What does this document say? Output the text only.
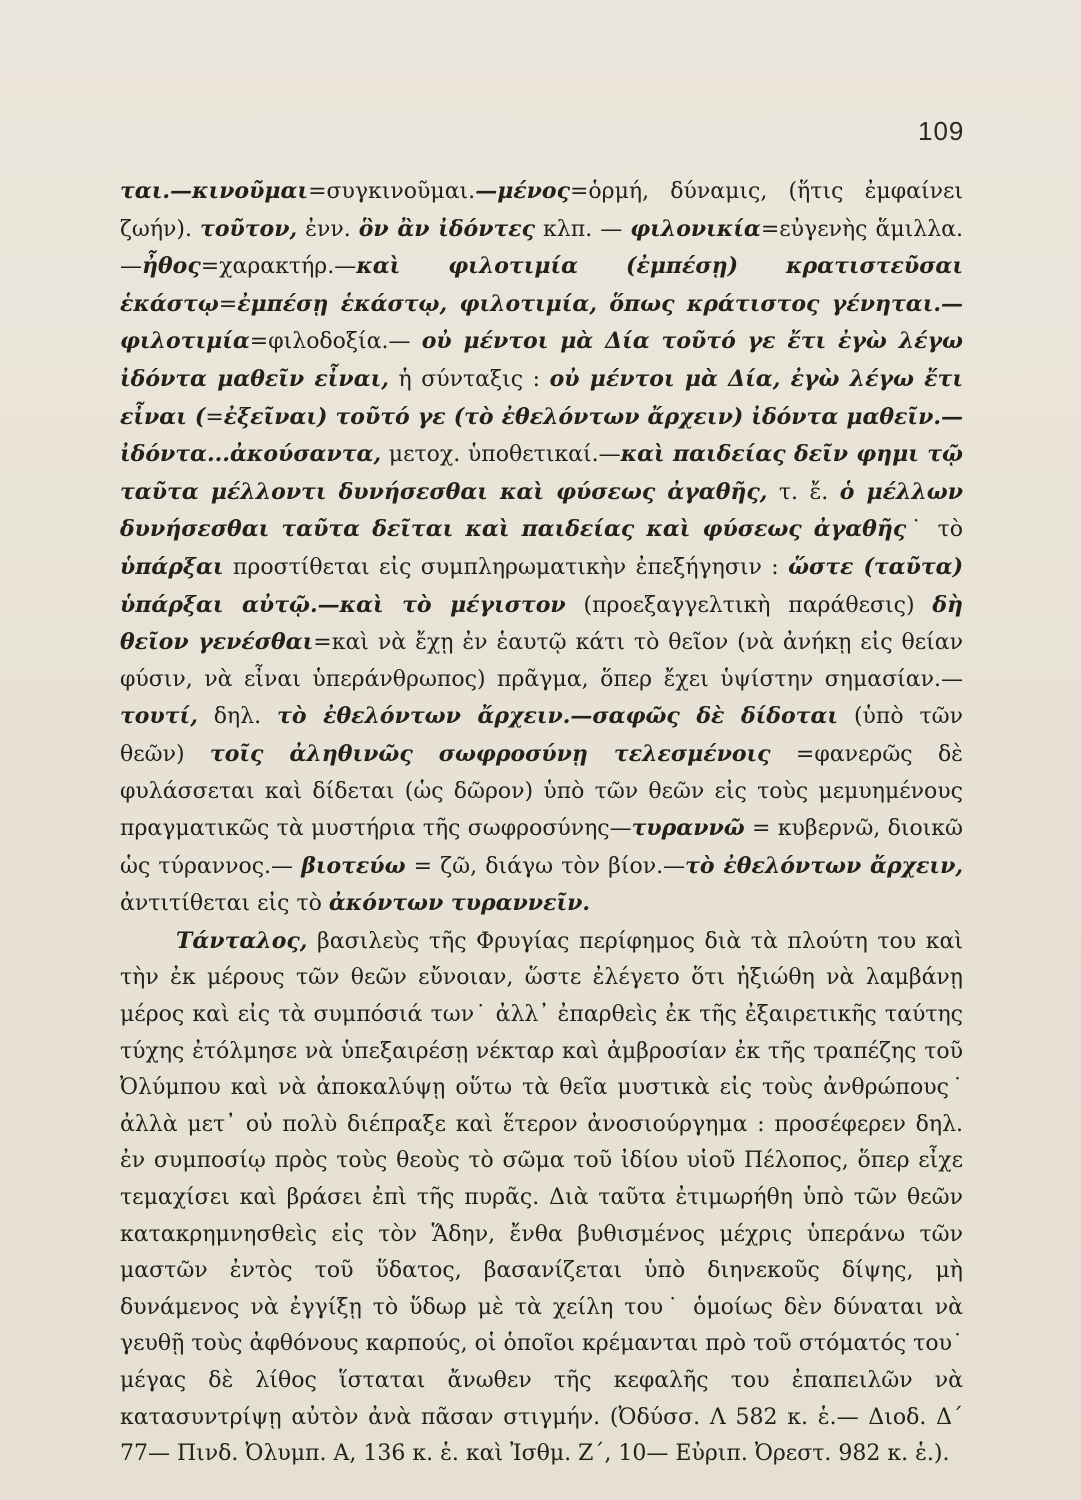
109

ται.—κινοῦμαι=συγκινοῦμαι.—μένος=ὁρμή, δύναμις, (ἥτις ἐμφαίνει ζωήν). τοῦτον, ἐνν. ὃν ἂν ἰδόντες κλπ. — φιλονικία=εὐγενὴς ἅμιλλα.—ἦθος=χαρακτήρ.—καὶ φιλοτιμία (ἐμπέσῃ) κρατιστεῦσαι ἑκάστῳ=ἐμπέσῃ ἑκάστῳ, φιλοτιμία, ὅπως κράτιστος γένηται.— φιλοτιμία=φιλοδοξία.— οὐ μέντοι μὰ Δία τοῦτό γε ἔτι ἐγὼ λέγω ἰδόντα μαθεῖν εἶναι, ἡ σύνταξις : οὐ μέντοι μὰ Δία, ἐγὼ λέγω ἔτι εἶναι (=ἐξεῖναι) τοῦτό γε (τὸ ἐθελόντων ἄρχειν) ἰδόντα μαθεῖν.—ἰδόντα...ἀκούσαντα, μετοχ. ὑποθετικαί.—καὶ παιδείας δεῖν φημι τῷ ταῦτα μέλλοντι δυνήσεσθαι καὶ φύσεως ἀγαθῆς, τ. ἔ. ὁ μέλλων δυνήσεσθαι ταῦτα δεῖται καὶ παιδείας καὶ φύσεως ἀγαθῆς˙ τὸ ὑπάρξαι προστίθεται εἰς συμπληρωματικὴν ἐπεξήγησιν : ὥστε (ταῦτα) ὑπάρξαι αὐτῷ.—καὶ τὸ μέγιστον (προεξαγγελτικὴ παράθεσις) δὴ θεῖον γενέσθαι=καὶ νὰ ἔχῃ ἐν ἑαυτῷ κάτι τὸ θεῖον (νὰ ἀνήκῃ εἰς θείαν φύσιν, νὰ εἶναι ὑπεράνθρωπος) πρᾶγμα, ὅπερ ἔχει ὑψίστην σημασίαν.—τουτί, δηλ. τὸ ἐθελόντων ἄρχειν.—σαφῶς δὲ δίδοται (ὑπὸ τῶν θεῶν) τοῖς ἀληθινῶς σωφροσύνῃ τελεσμένοις =φανερῶς δὲ φυλάσσεται καὶ δίδεται (ὡς δῶρον) ὑπὸ τῶν θεῶν εἰς τοὺς μεμυημένους πραγματικῶς τὰ μυστήρια τῆς σωφροσύνης—τυραννῶ = κυβερνῶ, διοικῶ ὡς τύραννος.— βιοτεύω = ζῶ, διάγω τὸν βίον.—τὸ ἐθελόντων ἄρχειν, ἀντιτίθεται εἰς τὸ ἀκόντων τυραννεῖν.

Τάνταλος, βασιλεὺς τῆς Φρυγίας περίφημος διὰ τὰ πλούτη του καὶ τὴν ἐκ μέρους τῶν θεῶν εὔνοιαν, ὥστε ἐλέγετο ὅτι ἠξιώθη νὰ λαμβάνῃ μέρος καὶ εἰς τὰ συμπόσιά των˙ ἀλλ᾽ ἐπαρθεὶς ἐκ τῆς ἐξαιρετικῆς ταύτης τύχης ἐτόλμησε νὰ ὑπεξαιρέσῃ νέκταρ καὶ ἀμβροσίαν ἐκ τῆς τραπέζης τοῦ Ὀλύμπου καὶ νὰ ἀποκαλύψῃ οὕτω τὰ θεῖα μυστικὰ εἰς τοὺς ἀνθρώπους˙ ἀλλὰ μετ᾽ οὐ πολὺ διέπραξε καὶ ἕτερον ἀνοσιούργημα : προσέφερεν δηλ. ἐν συμποσίῳ πρὸς τοὺς θεοὺς τὸ σῶμα τοῦ ἰδίου υἱοῦ Πέλοπος, ὅπερ εἶχε τεμαχίσει καὶ βράσει ἐπὶ τῆς πυρᾶς. Διὰ ταῦτα ἐτιμωρήθη ὑπὸ τῶν θεῶν κατακρημνησθεὶς εἰς τὸν Ἅδην, ἔνθα βυθισμένος μέχρις ὑπεράνω τῶν μαστῶν ἐντὸς τοῦ ὕδατος, βασανίζεται ὑπὸ διηνεκοῦς δίψης, μὴ δυνάμενος νὰ ἐγγίξῃ τὸ ὕδωρ μὲ τὰ χείλη του˙ ὁμοίως δὲν δύναται νὰ γευθῇ τοὺς ἀφθόνους καρπούς, οἱ ὁποῖοι κρέμανται πρὸ τοῦ στόματός του˙ μέγας δὲ λίθος ἵσταται ἄνωθεν τῆς κεφαλῆς του ἐπαπειλῶν νὰ κατασυντρίψῃ αὐτὸν ἀνὰ πᾶσαν στιγμήν. (Ὀδύσσ. Λ 582 κ. ἑ.— Διοδ. Δ΄ 77— Πινδ. Ὀλυμπ. Α, 136 κ. ἑ. καὶ Ἰσθμ. Ζ΄, 10— Εὐριπ. Ὀρεστ. 982 κ. ἑ.).
